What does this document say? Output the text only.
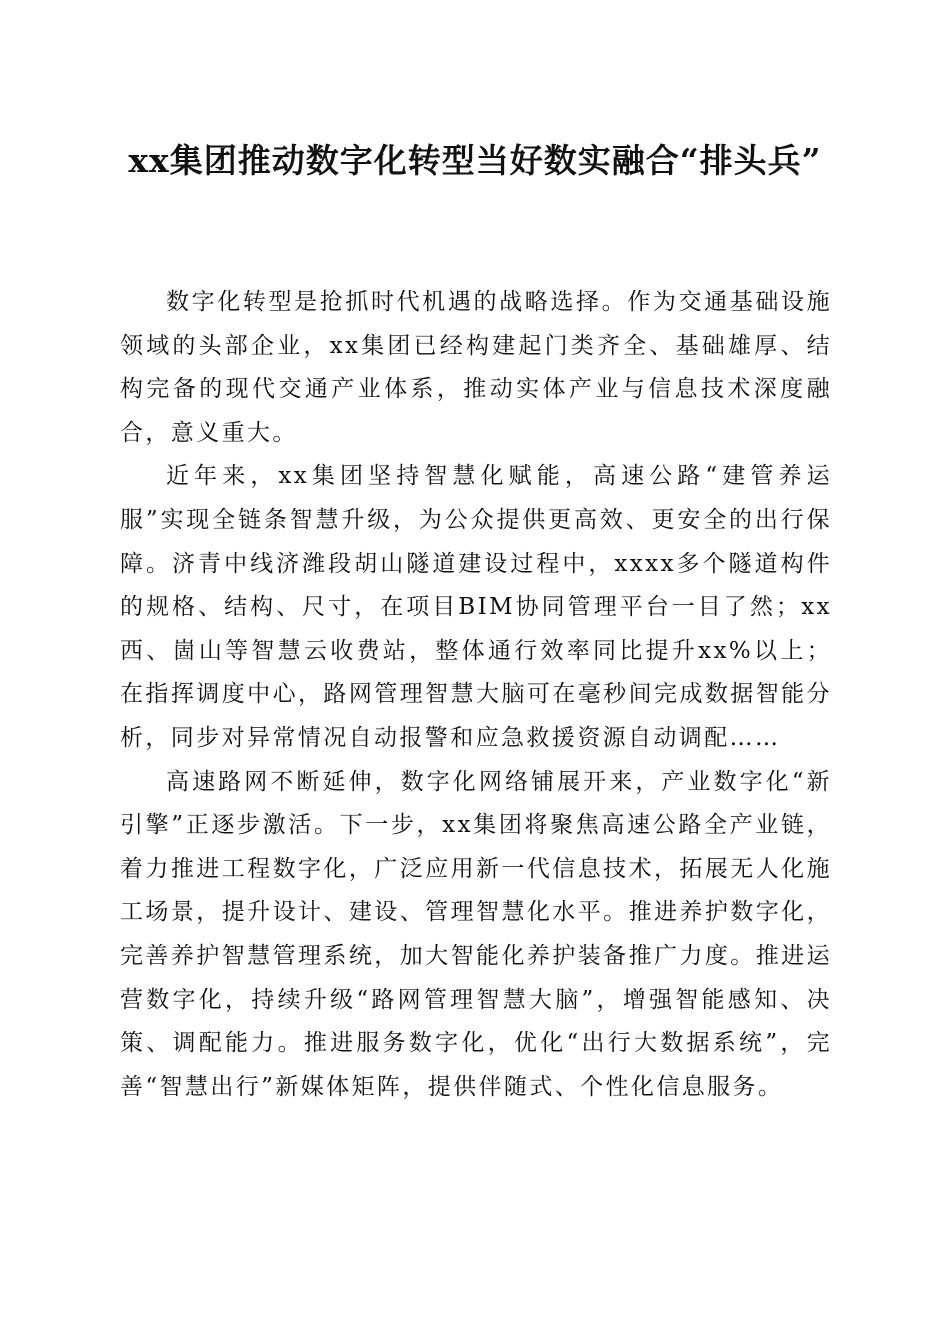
xx集团推动数字化转型当好数实融合“排头兵”

数字化转型是抢抓时代机遇的战略选择。作为交通基础设施领域的头部企业，xx集团已经构建起门类齐全、基础雄厚、结构完备的现代交通产业体系，推动实体产业与信息技术深度融合，意义重大。

近年来，xx集团坚持智慧化赋能，高速公路“建管养运服”实现全链条智慧升级，为公众提供更高效、更安全的出行保障。济青中线济潍段胡山隧道建设过程中，xxxx多个隧道构件的规格、结构、尺寸，在项目BIM协同管理平台一目了然；xx西、崮山等智慧云收费站，整体通行效率同比提升xx%以上；在指挥调度中心，路网管理智慧大脑可在毫秒间完成数据智能分析，同步对异常情况自动报警和应急救援资源自动调配……

高速路网不断延伸，数字化网络铺展开来，产业数字化“新引擎”正逐步激活。下一步，xx集团将聚焦高速公路全产业链，着力推进工程数字化，广泛应用新一代信息技术，拓展无人化施工场景，提升设计、建设、管理智慧化水平。推进养护数字化，完善养护智慧管理系统，加大智能化养护装备推广力度。推进运营数字化，持续升级“路网管理智慧大脑”，增强智能感知、决策、调配能力。推进服务数字化，优化“出行大数据系统”，完善“智慧出行”新媒体矩阵，提供伴随式、个性化信息服务。
